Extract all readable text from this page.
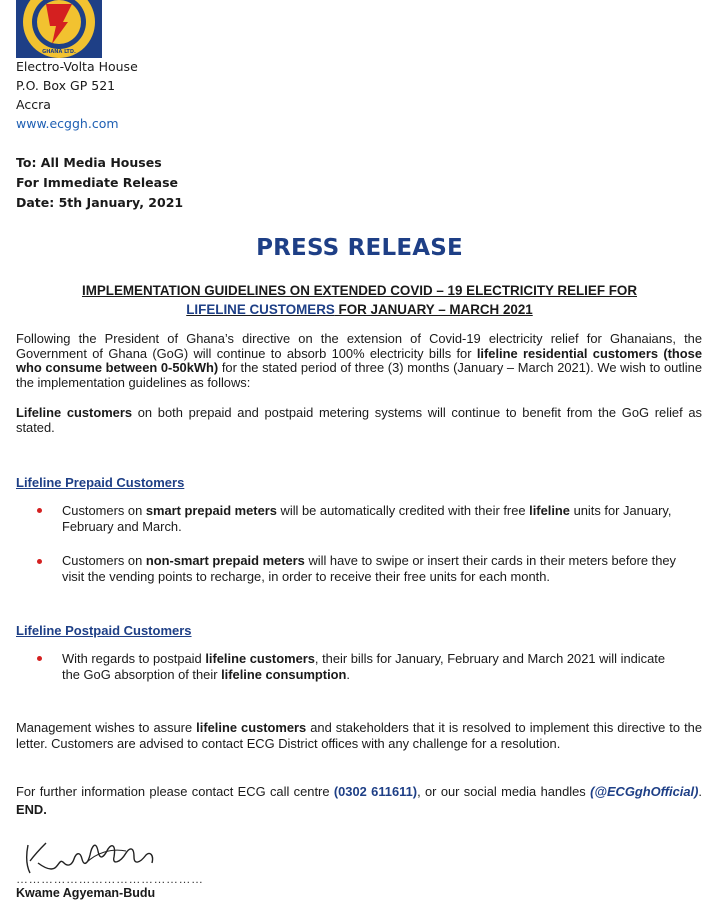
GHANA LTD.
Electro-Volta House
P.O. Box GP 521
Accra
www.ecggh.com
To: All Media Houses
For Immediate Release
Date: 5th January, 2021
PRESS RELEASE
IMPLEMENTATION GUIDELINES ON EXTENDED COVID – 19 ELECTRICITY RELIEF FOR
LIFELINE CUSTOMERS FOR JANUARY – MARCH 2021
Following the President of Ghana’s directive on the extension of Covid-19 electricity relief for Ghanaians, the Government of Ghana (GoG) will continue to absorb 100% electricity bills for lifeline residential customers (those who consume between 0-50kWh) for the stated period of three (3) months (January – March 2021). We wish to outline the implementation guidelines as follows:
Lifeline customers on both prepaid and postpaid metering systems will continue to benefit from the GoG relief as stated.
Lifeline Prepaid Customers
Customers on smart prepaid meters will be automatically credited with their free lifeline units for January, February and March.
Customers on non-smart prepaid meters will have to swipe or insert their cards in their meters before they visit the vending points to recharge, in order to receive their free units for each month.
Lifeline Postpaid Customers
With regards to postpaid lifeline customers, their bills for January, February and March 2021 will indicate the GoG absorption of their lifeline consumption.
Management wishes to assure lifeline customers and stakeholders that it is resolved to implement this directive to the letter. Customers are advised to contact ECG District offices with any challenge for a resolution.
For further information please contact ECG call centre (0302 611611), or our social media handles (@ECGghOfficial). END.
………………………………………
Kwame Agyeman-Budu
